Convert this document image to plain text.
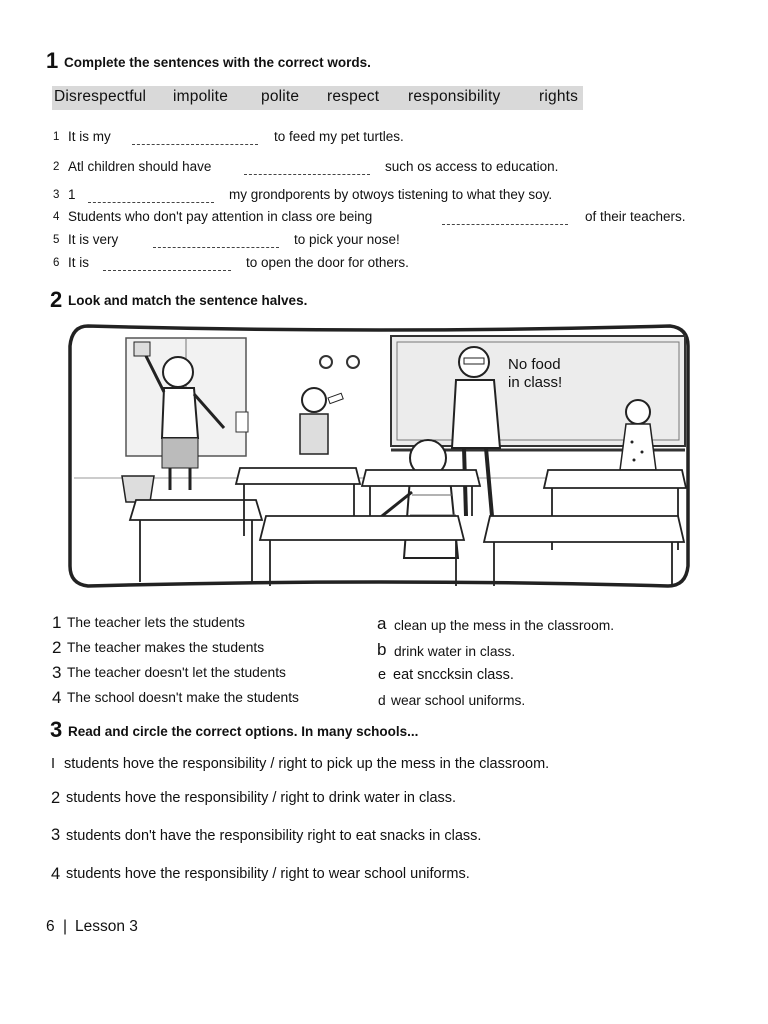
1 Complete the sentences with the correct words.
Disrespectful impolite polite respect responsibility rights
1 It is my	to feed my pet turtles.
2 Atl children should have	such os access to education.
3 1	my grondporents by otwoys tistening to what they soy.
4 Students who don't pay attention in class ore being	of their teachers.
5 It is very	to pick your nose!
6 It is	to open the door for others.
2 Look and match the sentence halves.
No food
in class!
1 The teacher lets the students
2 The teacher makes the students
3 The teacher doesn't let the students
4 The school doesn't make the students
a clean up the mess in the classroom.
b drink water in class.
e eat snccksin class.
d wear school uniforms.
3 Read and circle the correct options. In many schools...
I students hove the responsibility / right to pick up the mess in the classroom.
2 students hove the responsibility / right to drink water in class.
3 students don't have the responsibility right to eat snacks in class.
4 students hove the responsibility / right to wear school uniforms.
6 | Lesson 3
